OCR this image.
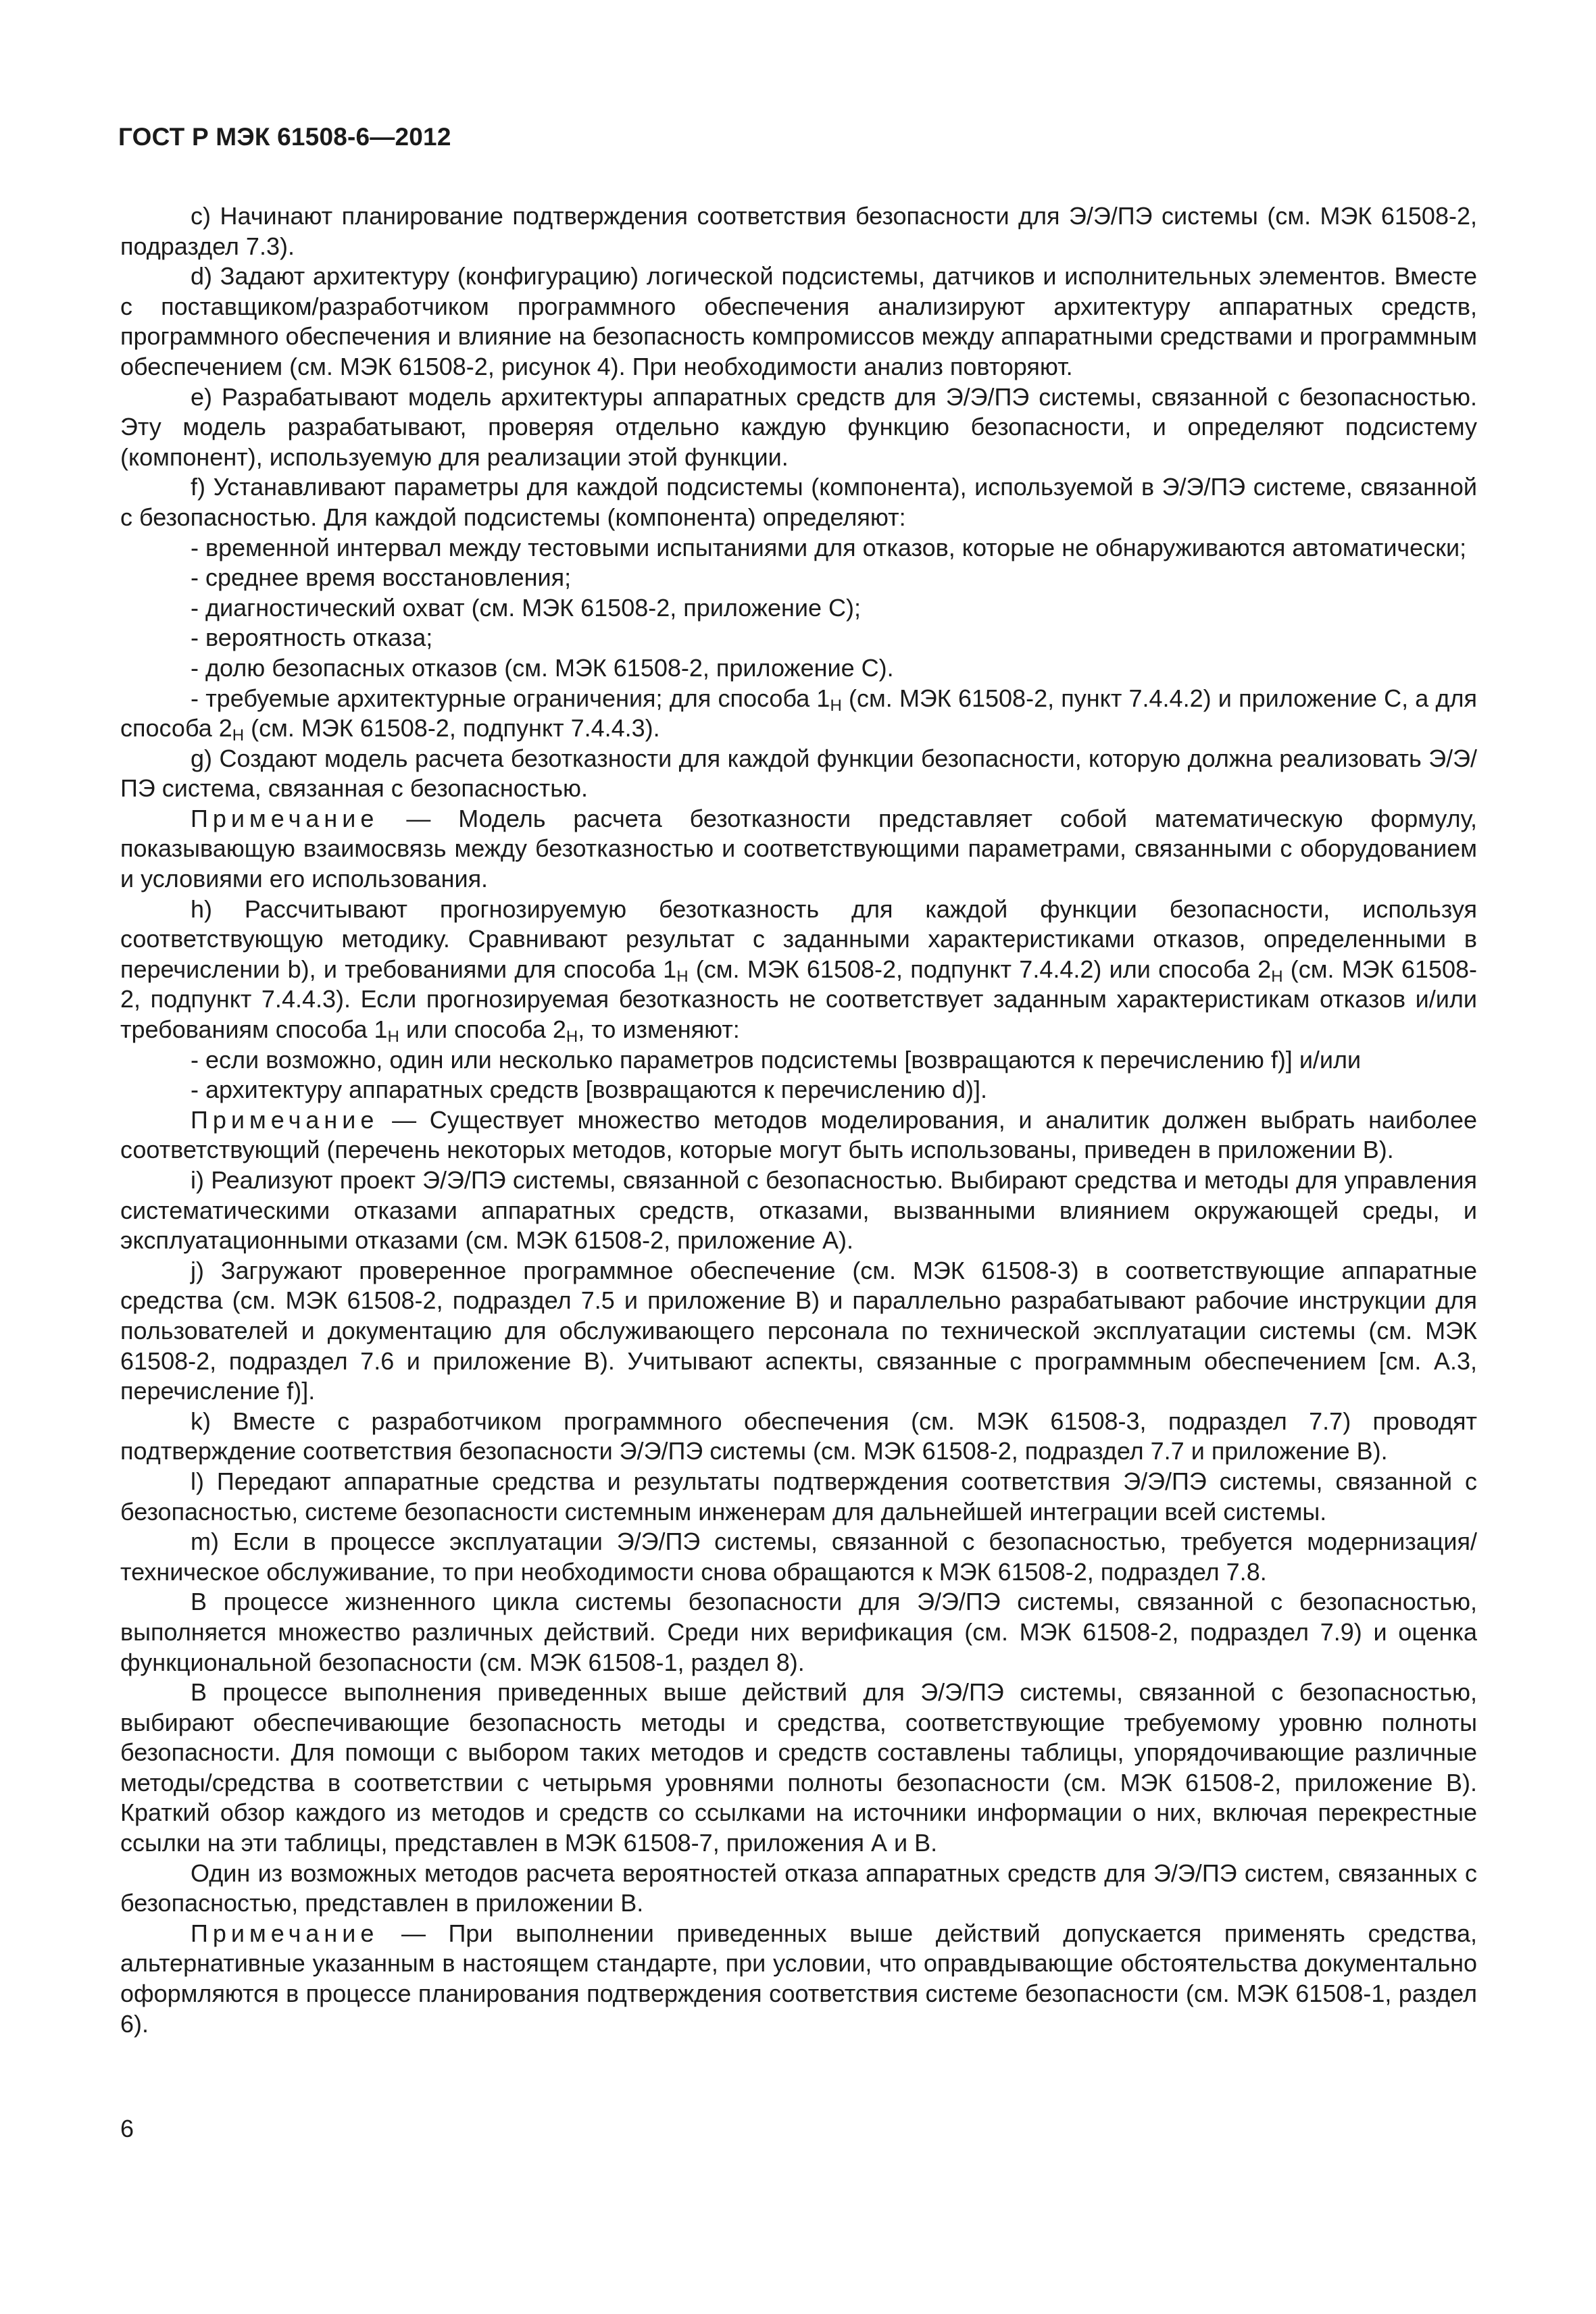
ГОСТ Р МЭК 61508-6—2012

c) Начинают планирование подтверждения соответствия безопасности для Э/Э/ПЭ системы (см. МЭК 61508-2, подраздел 7.3).

d) Задают архитектуру (конфигурацию) логической подсистемы, датчиков и исполнительных элементов. Вместе с поставщиком/разработчиком программного обеспечения анализируют архитектуру аппаратных средств, программного обеспечения и влияние на безопасность компромиссов между аппаратными средствами и программным обеспечением (см. МЭК 61508-2, рисунок 4). При необходимости анализ повторяют.

e) Разрабатывают модель архитектуры аппаратных средств для Э/Э/ПЭ системы, связанной с безопасностью. Эту модель разрабатывают, проверяя отдельно каждую функцию безопасности, и определяют подсистему (компонент), используемую для реализации этой функции.

f) Устанавливают параметры для каждой подсистемы (компонента), используемой в Э/Э/ПЭ системе, связанной с безопасностью. Для каждой подсистемы (компонента) определяют:

- временной интервал между тестовыми испытаниями для отказов, которые не обнаруживаются автоматически;

- среднее время восстановления;

- диагностический охват (см. МЭК 61508-2, приложение С);

- вероятность отказа;

- долю безопасных отказов (см. МЭК 61508-2, приложение С).

- требуемые архитектурные ограничения; для способа $1_Н$ (см. МЭК 61508-2, пункт 7.4.4.2) и приложение С, а для способа $2_Н$ (см. МЭК 61508-2, подпункт 7.4.4.3).

g) Создают модель расчета безотказности для каждой функции безопасности, которую должна реализовать Э/Э/ПЭ система, связанная с безопасностью.

Примечание — Модель расчета безотказности представляет собой математическую формулу, показывающую взаимосвязь между безотказностью и соответствующими параметрами, связанными с оборудованием и условиями его использования.

h) Рассчитывают прогнозируемую безотказность для каждой функции безопасности, используя соответствующую методику. Сравнивают результат с заданными характеристиками отказов, определенными в перечислении b), и требованиями для способа $1_Н$ (см. МЭК 61508-2, подпункт 7.4.4.2) или способа $2_Н$ (см. МЭК 61508-2, подпункт 7.4.4.3). Если прогнозируемая безотказность не соответствует заданным характеристикам отказов и/или требованиям способа $1_Н$ или способа $2_Н$, то изменяют:

- если возможно, один или несколько параметров подсистемы [возвращаются к перечислению f)] и/или

- архитектуру аппаратных средств [возвращаются к перечислению d)].

Примечание — Существует множество методов моделирования, и аналитик должен выбрать наиболее соответствующий (перечень некоторых методов, которые могут быть использованы, приведен в приложении В).

i) Реализуют проект Э/Э/ПЭ системы, связанной с безопасностью. Выбирают средства и методы для управления систематическими отказами аппаратных средств, отказами, вызванными влиянием окружающей среды, и эксплуатационными отказами (см. МЭК 61508-2, приложение А).

j) Загружают проверенное программное обеспечение (см. МЭК 61508-3) в соответствующие аппаратные средства (см. МЭК 61508-2, подраздел 7.5 и приложение В) и параллельно разрабатывают рабочие инструкции для пользователей и документацию для обслуживающего персонала по технической эксплуатации системы (см. МЭК 61508-2, подраздел 7.6 и приложение В). Учитывают аспекты, связанные с программным обеспечением [см. А.3, перечисление f)].

k) Вместе с разработчиком программного обеспечения (см. МЭК 61508-3, подраздел 7.7) проводят подтверждение соответствия безопасности Э/Э/ПЭ системы (см. МЭК 61508-2, подраздел 7.7 и приложение В).

l) Передают аппаратные средства и результаты подтверждения соответствия Э/Э/ПЭ системы, связанной с безопасностью, системе безопасности системным инженерам для дальнейшей интеграции всей системы.

m) Если в процессе эксплуатации Э/Э/ПЭ системы, связанной с безопасностью, требуется модернизация/техническое обслуживание, то при необходимости снова обращаются к МЭК 61508-2, подраздел 7.8.

В процессе жизненного цикла системы безопасности для Э/Э/ПЭ системы, связанной с безопасностью, выполняется множество различных действий. Среди них верификация (см. МЭК 61508-2, подраздел 7.9) и оценка функциональной безопасности (см. МЭК 61508-1, раздел 8).

В процессе выполнения приведенных выше действий для Э/Э/ПЭ системы, связанной с безопасностью, выбирают обеспечивающие безопасность методы и средства, соответствующие требуемому уровню полноты безопасности. Для помощи с выбором таких методов и средств составлены таблицы, упорядочивающие различные методы/средства в соответствии с четырьмя уровнями полноты безопасности (см. МЭК 61508-2, приложение В). Краткий обзор каждого из методов и средств со ссылками на источники информации о них, включая перекрестные ссылки на эти таблицы, представлен в МЭК 61508-7, приложения А и В.

Один из возможных методов расчета вероятностей отказа аппаратных средств для Э/Э/ПЭ систем, связанных с безопасностью, представлен в приложении В.

Примечание — При выполнении приведенных выше действий допускается применять средства, альтернативные указанным в настоящем стандарте, при условии, что оправдывающие обстоятельства документально оформляются в процессе планирования подтверждения соответствия системе безопасности (см. МЭК 61508-1, раздел 6).

6
